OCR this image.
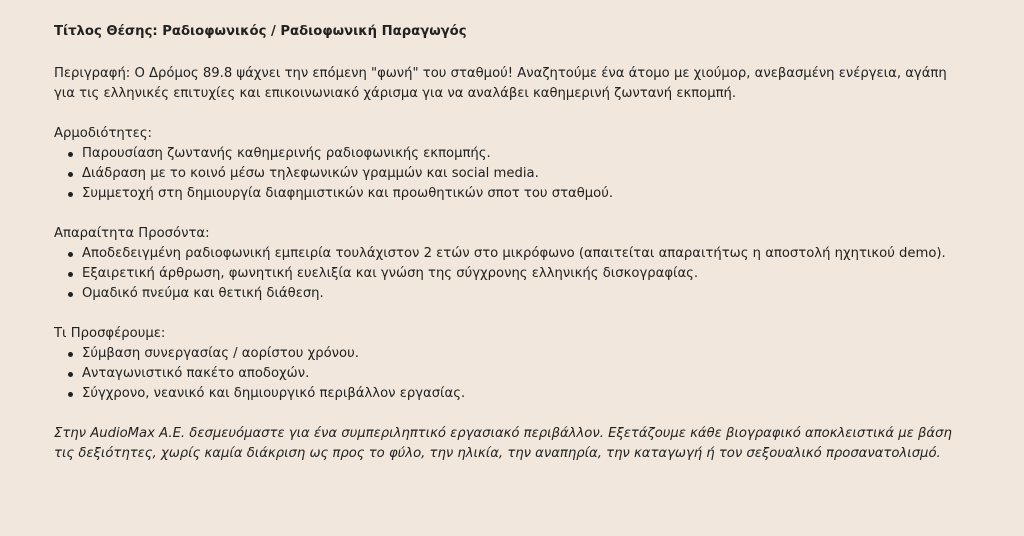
Τίτλος Θέσης: Ραδιοφωνικός / Ραδιοφωνική Παραγωγός

Περιγραφή: Ο Δρόμος 89.8 ψάχνει την επόμενη "φωνή" του σταθμού! Αναζητούμε ένα άτομο με χιούμορ, ανεβασμένη ενέργεια, αγάπη για τις ελληνικές επιτυχίες και επικοινωνιακό χάρισμα για να αναλάβει καθημερινή ζωντανή εκπομπή.

Αρμοδιότητες:

Παρουσίαση ζωντανής καθημερινής ραδιοφωνικής εκπομπής.
Διάδραση με το κοινό μέσω τηλεφωνικών γραμμών και social media.
Συμμετοχή στη δημιουργία διαφημιστικών και προωθητικών σποτ του σταθμού.

Απαραίτητα Προσόντα:

Αποδεδειγμένη ραδιοφωνική εμπειρία τουλάχιστον 2 ετών στο μικρόφωνο (απαιτείται απαραιτήτως η αποστολή ηχητικού demo).
Εξαιρετική άρθρωση, φωνητική ευελιξία και γνώση της σύγχρονης ελληνικής δισκογραφίας.
Ομαδικό πνεύμα και θετική διάθεση.

Τι Προσφέρουμε:

Σύμβαση συνεργασίας / αορίστου χρόνου.
Ανταγωνιστικό πακέτο αποδοχών.
Σύγχρονο, νεανικό και δημιουργικό περιβάλλον εργασίας.

Στην AudioMax A.E. δεσμευόμαστε για ένα συμπεριληπτικό εργασιακό περιβάλλον. Εξετάζουμε κάθε βιογραφικό αποκλειστικά με βάση τις δεξιότητες, χωρίς καμία διάκριση ως προς το φύλο, την ηλικία, την αναπηρία, την καταγωγή ή τον σεξουαλικό προσανατολισμό.
